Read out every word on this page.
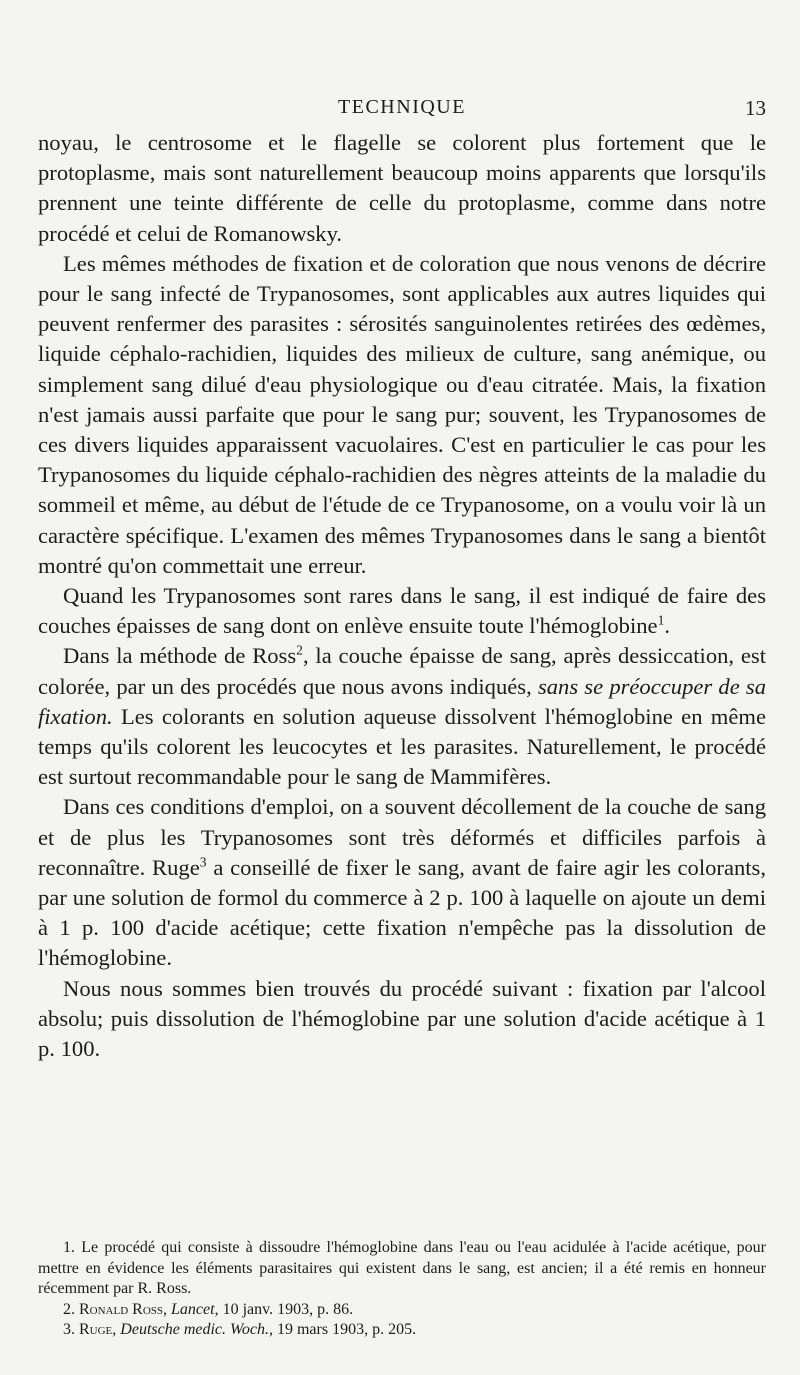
TECHNIQUE	13

noyau, le centrosome et le flagelle se colorent plus fortement que le protoplasme, mais sont naturellement beaucoup moins apparents que lorsqu'ils prennent une teinte différente de celle du protoplasme, comme dans notre procédé et celui de Romanowsky.

Les mêmes méthodes de fixation et de coloration que nous venons de décrire pour le sang infecté de Trypanosomes, sont applicables aux autres liquides qui peuvent renfermer des parasites : sérosités sanguinolentes retirées des œdèmes, liquide céphalo-rachidien, liquides des milieux de culture, sang anémique, ou simplement sang dilué d'eau physiologique ou d'eau citratée. Mais, la fixation n'est jamais aussi parfaite que pour le sang pur; souvent, les Trypanosomes de ces divers liquides apparaissent vacuolaires. C'est en particulier le cas pour les Trypanosomes du liquide céphalo-rachidien des nègres atteints de la maladie du sommeil et même, au début de l'étude de ce Trypanosome, on a voulu voir là un caractère spécifique. L'examen des mêmes Trypanosomes dans le sang a bientôt montré qu'on commettait une erreur.

Quand les Trypanosomes sont rares dans le sang, il est indiqué de faire des couches épaisses de sang dont on enlève ensuite toute l'hémoglobine$^1$.

Dans la méthode de Ross$^2$, la couche épaisse de sang, après dessiccation, est colorée, par un des procédés que nous avons indiqués, sans se préoccuper de sa fixation. Les colorants en solution aqueuse dissolvent l'hémoglobine en même temps qu'ils colorent les leucocytes et les parasites. Naturellement, le procédé est surtout recommandable pour le sang de Mammifères.

Dans ces conditions d'emploi, on a souvent décollement de la couche de sang et de plus les Trypanosomes sont très déformés et difficiles parfois à reconnaître. Ruge$^3$ a conseillé de fixer le sang, avant de faire agir les colorants, par une solution de formol du commerce à 2 p. 100 à laquelle on ajoute un demi à 1 p. 100 d'acide acétique; cette fixation n'empêche pas la dissolution de l'hémoglobine.

Nous nous sommes bien trouvés du procédé suivant : fixation par l'alcool absolu; puis dissolution de l'hémoglobine par une solution d'acide acétique à 1 p. 100.

1. Le procédé qui consiste à dissoudre l'hémoglobine dans l'eau ou l'eau acidulée à l'acide acétique, pour mettre en évidence les éléments parasitaires qui existent dans le sang, est ancien; il a été remis en honneur récemment par R. Ross.

2. Ronald Ross, Lancet, 10 janv. 1903, p. 86.

3. Ruge, Deutsche medic. Woch., 19 mars 1903, p. 205.
